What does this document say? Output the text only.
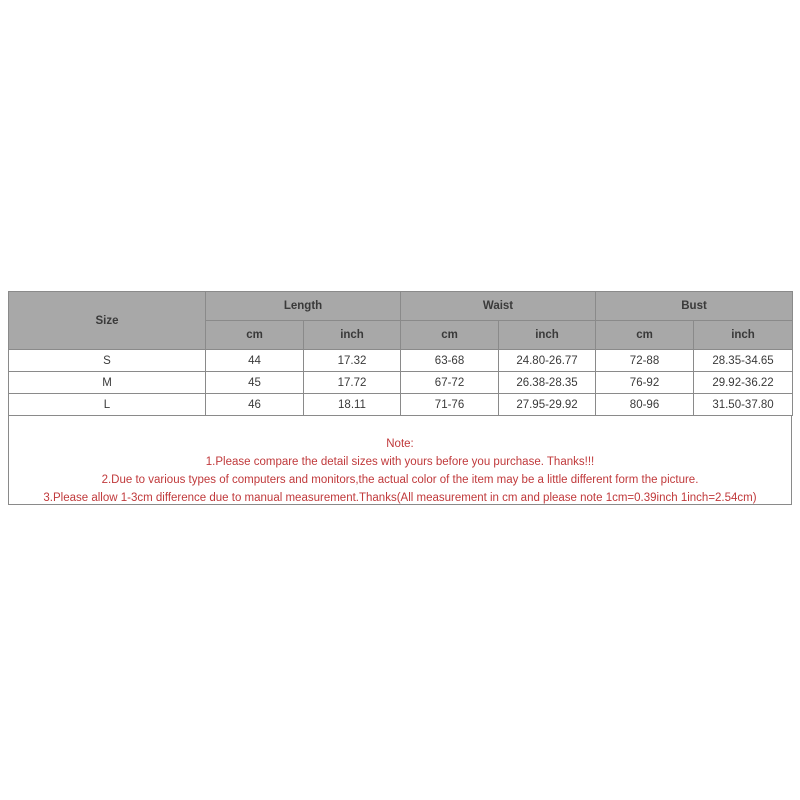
Size	Length		Waist		Bust	
	cm	inch	cm	inch	cm	inch
S	44	17.32	63-68	24.80-26.77	72-88	28.35-34.65
M	45	17.72	67-72	26.38-28.35	76-92	29.92-36.22
L	46	18.11	71-76	27.95-29.92	80-96	31.50-37.80
Note:
1.Please compare the detail sizes with yours before you purchase. Thanks!!!
2.Due to various types of computers and monitors,the actual color of the item may be a little different form the picture.
3.Please allow 1-3cm difference due to manual measurement.Thanks(All measurement in cm and please note 1cm=0.39inch 1inch=2.54cm)
